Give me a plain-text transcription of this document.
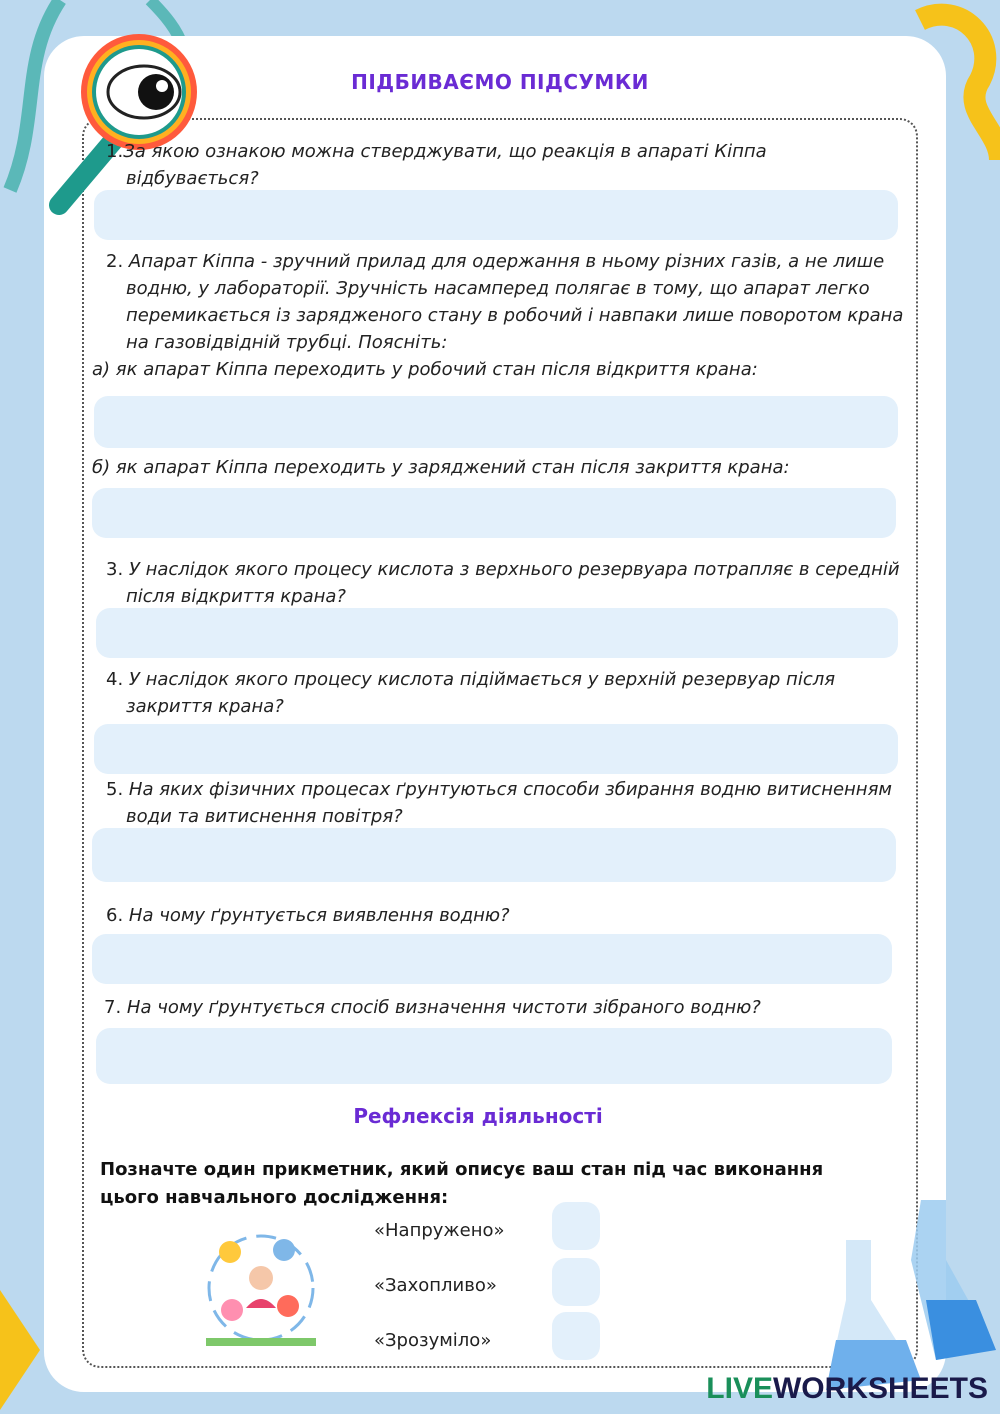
ПІДБИВАЄМО ПІДСУМКИ

1.За якою ознакою можна стверджувати, що реакція в апараті Кіппа
відбувається?

2. Апарат Кіппа - зручний прилад для одержання в ньому різних газів, а не лише
водню, у лабораторії. Зручність насамперед полягає в тому, що апарат легко
перемикається із зарядженого стану в робочий і навпаки лише поворотом крана
на газовідвідній трубці. Поясніть:

а) як апарат Кіппа переходить у робочий стан після відкриття крана:

б) як апарат Кіппа переходить у заряджений стан після закриття крана:

3. У наслідок якого процесу кислота з верхнього резервуара потрапляє в середній
після відкриття крана?

4. У наслідок якого процесу кислота підіймається у верхній резервуар після
закриття крана?

5. На яких фізичних процесах ґрунтуються способи збирання водню витисненням
води та витиснення повітря?

6. На чому ґрунтується виявлення водню?

7. На чому ґрунтується спосіб визначення чистоти зібраного водню?

Рефлексія діяльності
Позначте один прикметник, який описує ваш стан під час виконання цього навчального дослідження:
«Напружено»
«Захопливо»
«Зрозуміло»
LIVEWORKSHEETS
